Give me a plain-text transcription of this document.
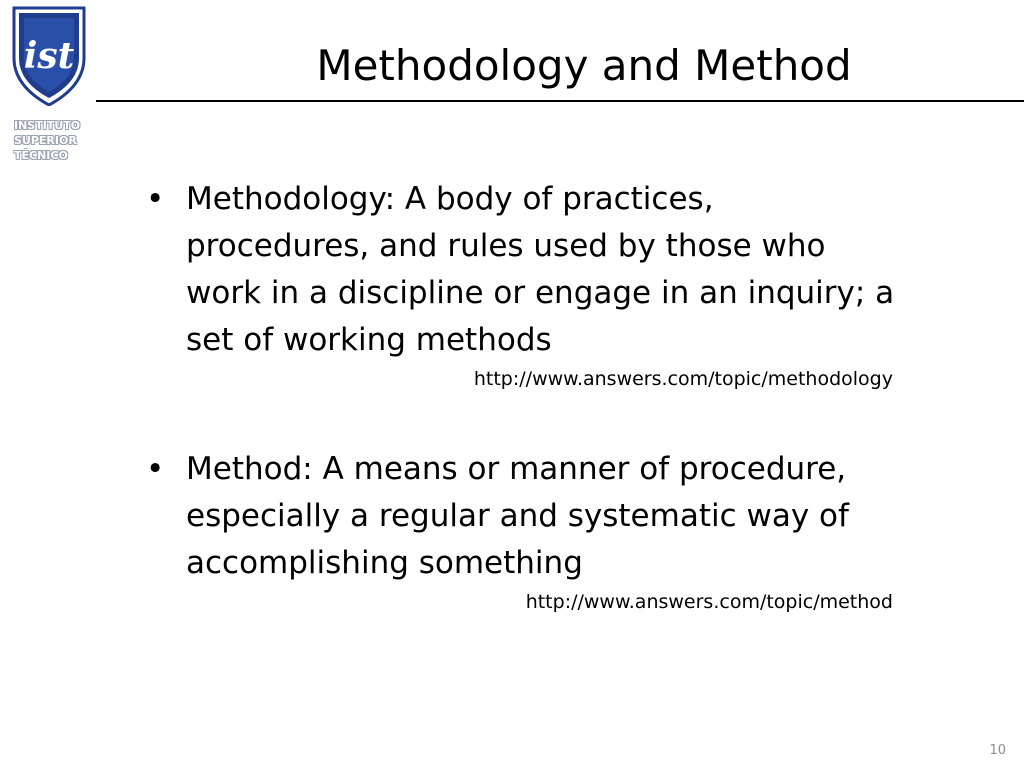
ist
INSTITUTO
SUPERIOR
TÉCNICO
Methodology and Method
• Methodology: A body of practices, procedures, and rules used by those who work in a discipline or engage in an inquiry; a set of working methods
http://www.answers.com/topic/methodology
• Method: A means or manner of procedure, especially a regular and systematic way of accomplishing something
http://www.answers.com/topic/method
10
